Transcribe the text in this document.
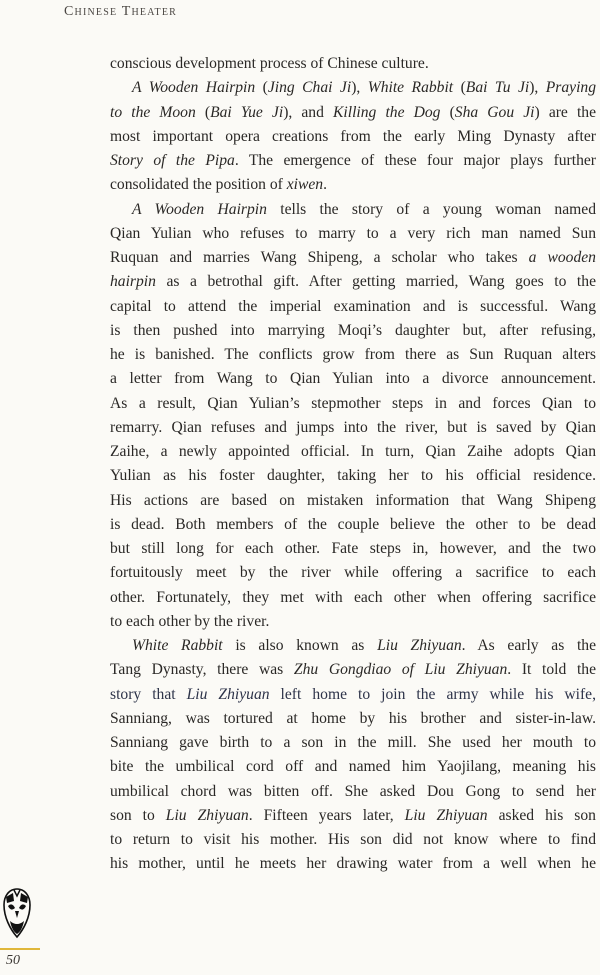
Chinese Theater
conscious development process of Chinese culture.
A Wooden Hairpin (Jing Chai Ji), White Rabbit (Bai Tu Ji), Praying
to the Moon (Bai Yue Ji), and Killing the Dog (Sha Gou Ji) are the
most important opera creations from the early Ming Dynasty after
Story of the Pipa. The emergence of these four major plays further
consolidated the position of xiwen.
A Wooden Hairpin tells the story of a young woman named
Qian Yulian who refuses to marry to a very rich man named Sun
Ruquan and marries Wang Shipeng, a scholar who takes a wooden
hairpin as a betrothal gift. After getting married, Wang goes to the
capital to attend the imperial examination and is successful. Wang
is then pushed into marrying Moqi’s daughter but, after refusing,
he is banished. The conflicts grow from there as Sun Ruquan alters
a letter from Wang to Qian Yulian into a divorce announcement.
As a result, Qian Yulian’s stepmother steps in and forces Qian to
remarry. Qian refuses and jumps into the river, but is saved by Qian
Zaihe, a newly appointed official. In turn, Qian Zaihe adopts Qian
Yulian as his foster daughter, taking her to his official residence.
His actions are based on mistaken information that Wang Shipeng
is dead. Both members of the couple believe the other to be dead
but still long for each other. Fate steps in, however, and the two
fortuitously meet by the river while offering a sacrifice to each
other. Fortunately, they met with each other when offering sacrifice
to each other by the river.
White Rabbit is also known as Liu Zhiyuan. As early as the
Tang Dynasty, there was Zhu Gongdiao of Liu Zhiyuan. It told the
story that Liu Zhiyuan left home to join the army while his wife,
Sanniang, was tortured at home by his brother and sister-in-law.
Sanniang gave birth to a son in the mill. She used her mouth to
bite the umbilical cord off and named him Yaojilang, meaning his
umbilical chord was bitten off. She asked Dou Gong to send her
son to Liu Zhiyuan. Fifteen years later, Liu Zhiyuan asked his son
to return to visit his mother. His son did not know where to find
his mother, until he meets her drawing water from a well when he
50
